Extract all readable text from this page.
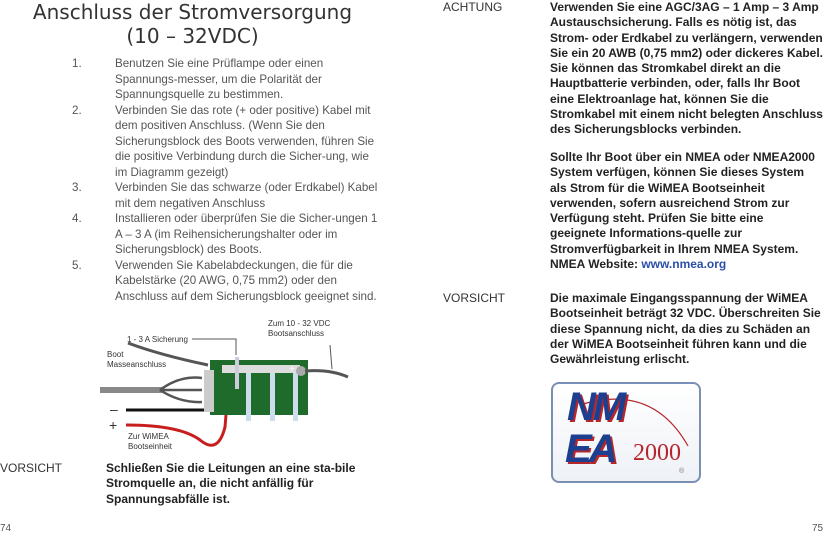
Anschluss der Stromversorgung
(10 – 32VDC)
1.	Benutzen Sie eine Prüflampe oder einen Spannungs-messer, um die Polarität der Spannungsquelle zu bestimmen.
2.	Verbinden Sie das rote (+ oder positive) Kabel mit dem positiven Anschluss. (Wenn Sie den Sicherungsblock des Boots verwenden, führen Sie die positive Verbindung durch die Sicher-ung, wie im Diagramm gezeigt)
3.	Verbinden Sie das schwarze (oder Erdkabel) Kabel mit dem negativen Anschluss
4.	Installieren oder überprüfen Sie die Sicher-ungen 1 A – 3 A (im Reihensicherungshalter oder im Sicherungsblock) des Boots.
5.	Verwenden Sie Kabelabdeckungen, die für die Kabelstärke (20 AWG, 0,75 mm2) oder den Anschluss auf dem Sicherungsblock geeignet sind.
1 - 3 A Sicherung
Zum 10 - 32 VDC
Bootsanschluss
Boot
Masseanschluss
Zur WiMEA
Bootseinheit
–
+
+
VORSICHT	Schließen Sie die Leitungen an eine sta-bile Stromquelle an, die nicht anfällig für Spannungsabfälle ist.
74
ACHTUNG	Verwenden Sie eine AGC/3AG – 1 Amp – 3 Amp Austauschsicherung. Falls es nötig ist, das Strom- oder Erdkabel zu verlängern, verwenden Sie ein 20 AWB (0,75 mm2) oder dickeres Kabel. Sie können das Stromkabel direkt an die Hauptbatterie verbinden, oder, falls Ihr Boot eine Elektroanlage hat, können Sie die Stromkabel mit einem nicht belegten Anschluss des Sicherungsblocks verbinden.
Sollte Ihr Boot über ein NMEA oder NMEA2000 System verfügen, können Sie dieses System als Strom für die WiMEA Bootseinheit verwenden, sofern ausreichend Strom zur Verfügung steht. Prüfen Sie bitte eine geeignete Informations-quelle zur Stromverfügbarkeit in Ihrem NMEA System. NMEA Website: www.nmea.org
VORSICHT	Die maximale Eingangsspannung der WiMEA Bootseinheit beträgt 32 VDC. Überschreiten Sie diese Spannung nicht, da dies zu Schäden an der WiMEA Bootseinheit führen kann und die Gewährleistung erlischt.
NM
EA 2000
®
75
